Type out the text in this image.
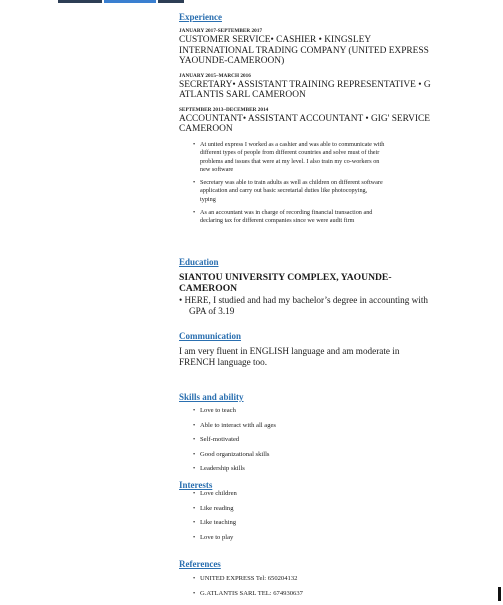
Experience
JANUARY 2017-SEPTEMBER 2017
CUSTOMER SERVICE• CASHIER • KINGSLEY
INTERNATIONAL TRADING COMPANY (UNITED EXPRESS
YAOUNDE-CAMEROON)
JANUARY 2015–MARCH 2016
SECRETARY• ASSISTANT TRAINING REPRESENTATIVE • G
ATLANTIS SARL CAMEROON
SEPTEMBER 2013–DECEMBER 2014
ACCOUNTANT• ASSISTANT ACCOUNTANT • GIG' SERVICE
CAMEROON
• At united express I worked as a cashier and was able to communicate with
different types of people from different countries and solve must of their
problems and issues that were at my level. I also train my co-workers on
new software
• Secretary was able to train adults as well as children on different software
application and carry out basic secretarial duties like photocopying,
typing
• As an accountant was in charge of recording financial transaction and
declaring tax for different companies since we were audit firm
Education
SIANTOU UNIVERSITY COMPLEX, YAOUNDE-
CAMEROON
• HERE, I studied and had my bachelor’s degree in accounting with
GPA of 3.19
Communication
I am very fluent in ENGLISH language and am moderate in
FRENCH language too.
Skills and ability
• Love to teach
• Able to interact with all ages
• Self-motivated
• Good organizational skills
• Leadership skills
Interests
• Love children
• Like reading
• Like teaching
• Love to play
References
• UNITED EXPRESS Tel: 650204132
• G.ATLANTIS SARL TEL: 674930637
